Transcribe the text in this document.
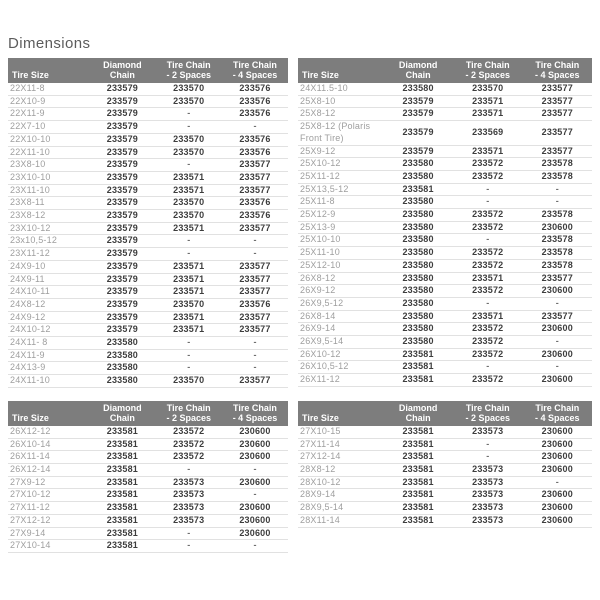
Dimensions
Tire Size

Diamond
Chain

Tire Chain
- 2 Spaces

Tire Chain
- 4 Spaces

22X11-8	233579	233570	233576
22X10-9	233579	233570	233576
22X11-9	233579	-	233576
22X7-10	233579	-	-
22X10-10	233579	233570	233576
22X11-10	233579	233570	233576
23X8-10	233579	-	233577
23X10-10	233579	233571	233577
23X11-10	233579	233571	233577
23X8-11	233579	233570	233576
23X8-12	233579	233570	233576
23X10-12	233579	233571	233577
23x10,5-12	233579	-	-
23X11-12	233579	-	-
24X9-10	233579	233571	233577
24X9-11	233579	233571	233577
24X10-11	233579	233571	233577
24X8-12	233579	233570	233576
24X9-12	233579	233571	233577
24X10-12	233579	233571	233577
24X11- 8	233580	-	-
24X11-9	233580	-	-
24X13-9	233580	-	-
24X11-10	233580	233570	233577
Tire Size

Diamond
Chain

Tire Chain
- 2 Spaces

Tire Chain
- 4 Spaces

24X11.5-10	233580	233570	233577
25X8-10	233579	233571	233577
25X8-12	233579	233571	233577
25X8-12 (Polaris Front Tire)	233579	233569	233577
25X9-12	233579	233571	233577
25X10-12	233580	233572	233578
25X11-12	233580	233572	233578
25X13,5-12	233581	-	-
25X11-8	233580	-	-
25X12-9	233580	233572	233578
25X13-9	233580	233572	230600
25X10-10	233580	-	233578
25X11-10	233580	233572	233578
25X12-10	233580	233572	233578
26X8-12	233580	233571	233577
26X9-12	233580	233572	230600
26X9,5-12	233580	-	-
26X8-14	233580	233571	233577
26X9-14	233580	233572	230600
26X9,5-14	233580	233572	-
26X10-12	233581	233572	230600
26X10,5-12	233581	-	-
26X11-12	233581	233572	230600
Tire Size

Diamond
Chain

Tire Chain
- 2 Spaces

Tire Chain
- 4 Spaces

26X12-12	233581	233572	230600
26X10-14	233581	233572	230600
26X11-14	233581	233572	230600
26X12-14	233581	-	-
27X9-12	233581	233573	230600
27X10-12	233581	233573	-
27X11-12	233581	233573	230600
27X12-12	233581	233573	230600
27X9-14	233581	-	230600
27X10-14	233581	-	-
Tire Size

Diamond
Chain

Tire Chain
- 2 Spaces

Tire Chain
- 4 Spaces

27X10-15	233581	233573	230600
27X11-14	233581	-	230600
27X12-14	233581	-	230600
28X8-12	233581	233573	230600
28X10-12	233581	233573	-
28X9-14	233581	233573	230600
28X9,5-14	233581	233573	230600
28X11-14	233581	233573	230600
